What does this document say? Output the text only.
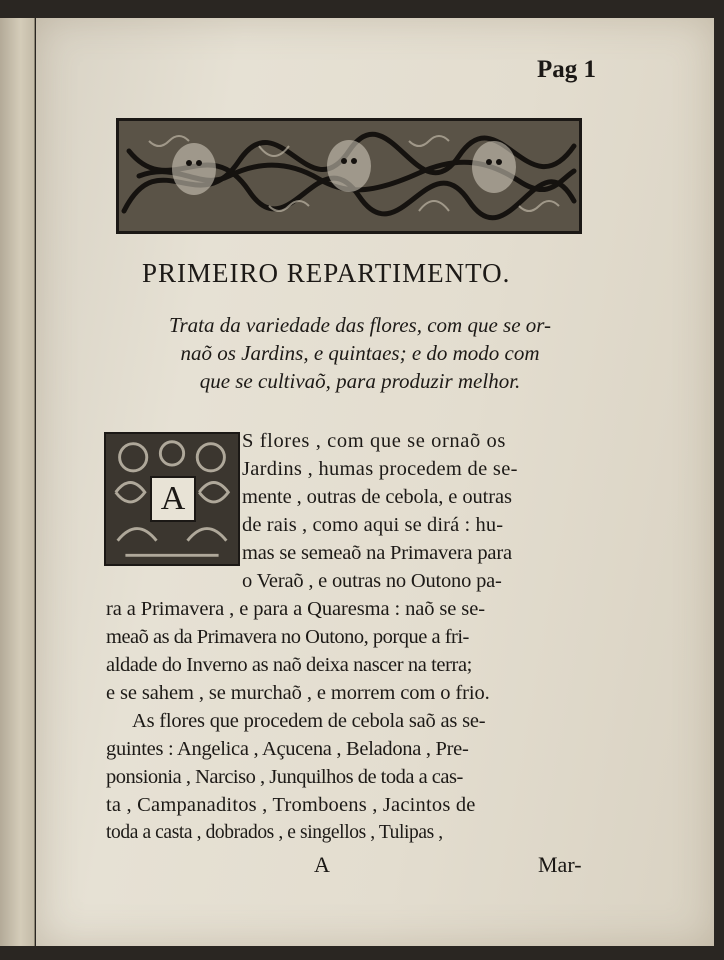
Pag 1

PRIMEIRO REPARTIMENTO.
Trata da variedade das flores, com que se or-
naõ os Jardins, e quintaes; e do modo com
que se cultivaõ, para produzir melhor.
A

S flores , com que se ornaõ os

Jardins , humas procedem de se-

mente , outras de cebola, e outras

de rais , como aqui se dirá : hu-

mas se semeaõ na Primavera para

o Veraõ , e outras no Outono pa-

ra a Primavera , e para a Quaresma : naõ se se-

meaõ as da Primavera no Outono, porque a fri-

aldade do Inverno as naõ deixa nascer na terra;

e se sahem , se murchaõ , e morrem com o frio.

As flores que procedem de cebola saõ as se-

guintes : Angelica , Açucena , Beladona , Pre-

ponsionia , Narciso , Junquilhos de toda a cas-

ta , Campanaditos , Tromboens , Jacintos de

toda a casta , dobrados , e singellos , Tulipas ,

A	Mar-
